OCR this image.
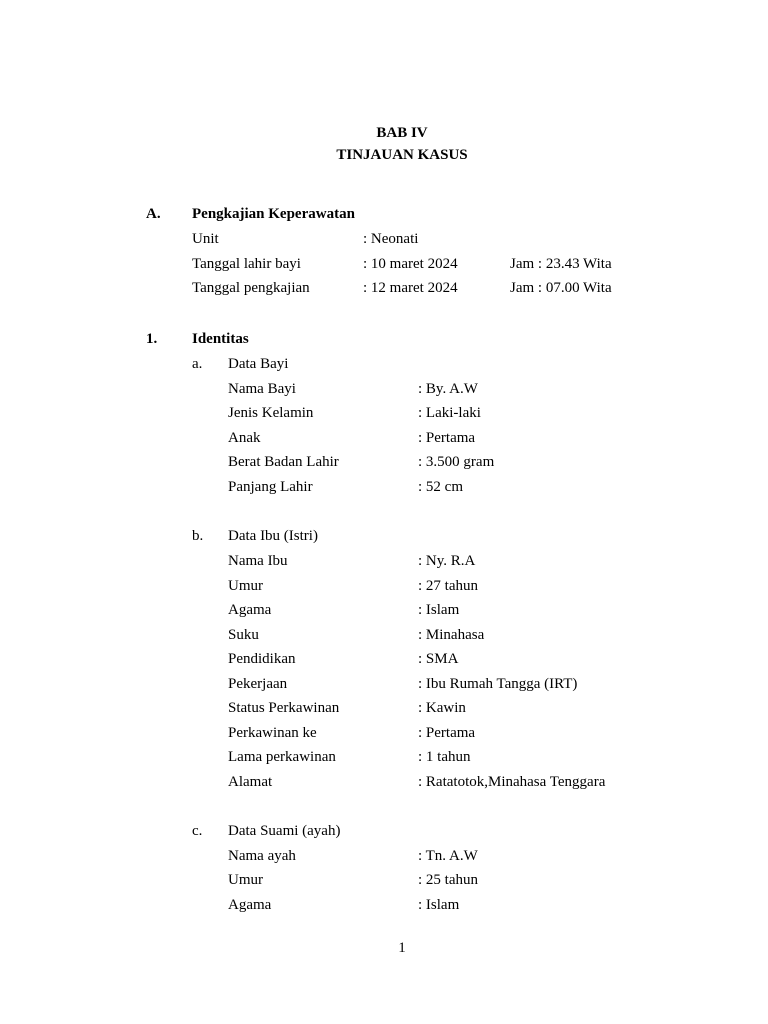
BAB IV
TINJAUAN KASUS
A. Pengkajian Keperawatan
Unit	: Neonati
Tanggal lahir bayi	: 10 maret 2024	Jam : 23.43 Wita
Tanggal pengkajian	: 12 maret 2024	Jam : 07.00 Wita
1. Identitas
a. Data Bayi
Nama Bayi	: By. A.W
Jenis Kelamin	: Laki-laki
Anak	: Pertama
Berat Badan Lahir	: 3.500 gram
Panjang Lahir	: 52 cm
b. Data Ibu (Istri)
Nama Ibu	: Ny. R.A
Umur	: 27 tahun
Agama	: Islam
Suku	: Minahasa
Pendidikan	: SMA
Pekerjaan	: Ibu Rumah Tangga (IRT)
Status Perkawinan	: Kawin
Perkawinan ke	: Pertama
Lama perkawinan	: 1 tahun
Alamat	: Ratatotok,Minahasa Tenggara
c. Data Suami (ayah)
Nama ayah	: Tn. A.W
Umur	: 25 tahun
Agama	: Islam
1
